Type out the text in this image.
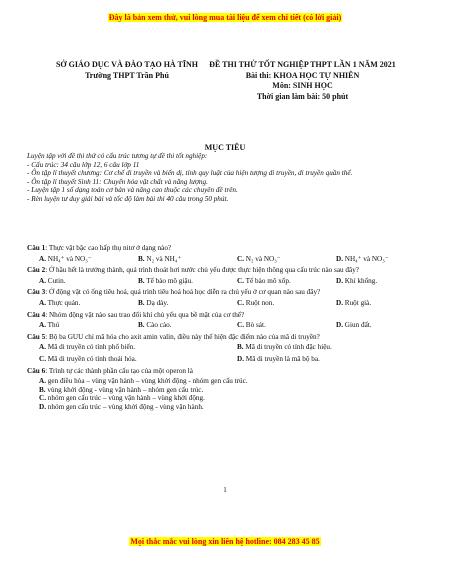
Đây là bản xem thử, vui lòng mua tài liệu để xem chi tiết (có lời giải)
SỞ GIÁO DỤC VÀ ĐÀO TẠO HÀ TĨNH
Trường THPT Trần Phú
ĐỀ THI THỬ TỐT NGHIỆP THPT LẦN 1 NĂM 2021
Bài thi: KHOA HỌC TỰ NHIÊN
Môn: SINH HỌC
Thời gian làm bài: 50 phút
MỤC TIÊU
Luyện tập với đề thi thử có cấu trúc tương tự đề thi tốt nghiệp:
- Cấu trúc: 34 câu lớp 12, 6 câu lớp 11
- Ôn tập lí thuyết chương: Cơ chế di truyền và biến dị, tính quy luật của hiện tượng di truyền, di truyền quần thể.
- Ôn tập lí thuyết Sinh 11: Chuyển hóa vật chất và năng lượng.
- Luyện tập 1 số dạng toán cơ bản và nâng cao thuộc các chuyên đề trên.
- Rèn luyện tư duy giải bài và tốc độ làm bài thi 40 câu trong 50 phút.
Câu 1: Thực vật bậc cao hấp thụ nitơ ở dạng nào?
A. NH₄⁺ và NO₃⁻	B. N₂ và NH₄⁺	C. N₂ và NO₃⁻	D. NH₄⁺ và NO₃⁻
Câu 2: Ở hầu hết là trưởng thành, quá trình thoát hơi nước chủ yếu được thực hiện thông qua cấu trúc nào sau đây?
A. Cutin.	B. Tế bào mô giậu.	C. Tế bào mô xốp.	D. Khí khổng.
Câu 3: Ở động vật có ống tiêu hoá, quá trình tiêu hoá hoá học diễn ra chủ yếu ở cơ quan nào sau đây?
A. Thực quản.	B. Dạ dày.	C. Ruột non.	D. Ruột già.
Câu 4: Nhóm động vật nào sau trao đổi khí chủ yếu qua bề mặt của cơ thể?
A. Thú	B. Cào cào.	C. Bò sát.	D. Giun đất.
Câu 5: Bộ ba GUU chỉ mã hóa cho axit amin valin, điều này thể hiện đặc điểm nào của mã di truyền?
A. Mã di truyền có tính phổ biến.	B. Mã di truyền có tính đặc hiệu.
C. Mã di truyền có tính thoái hóa.	D. Mã di truyền là mã bộ ba.
Câu 6: Trình tự các thành phần cấu tạo của một operon là
A. gen điều hòa – vùng vận hành – vùng khởi động - nhóm gen cấu trúc.
B. vùng khởi động - vùng vận hành – nhóm gen cấu trúc.
C. nhóm gen cấu trúc – vùng vận hành – vùng khởi động.
D. nhóm gen cấu trúc – vùng khởi động - vùng vận hành.
1
Mọi thắc mắc vui lòng xin liên hệ hotline: 084 283 45 85
